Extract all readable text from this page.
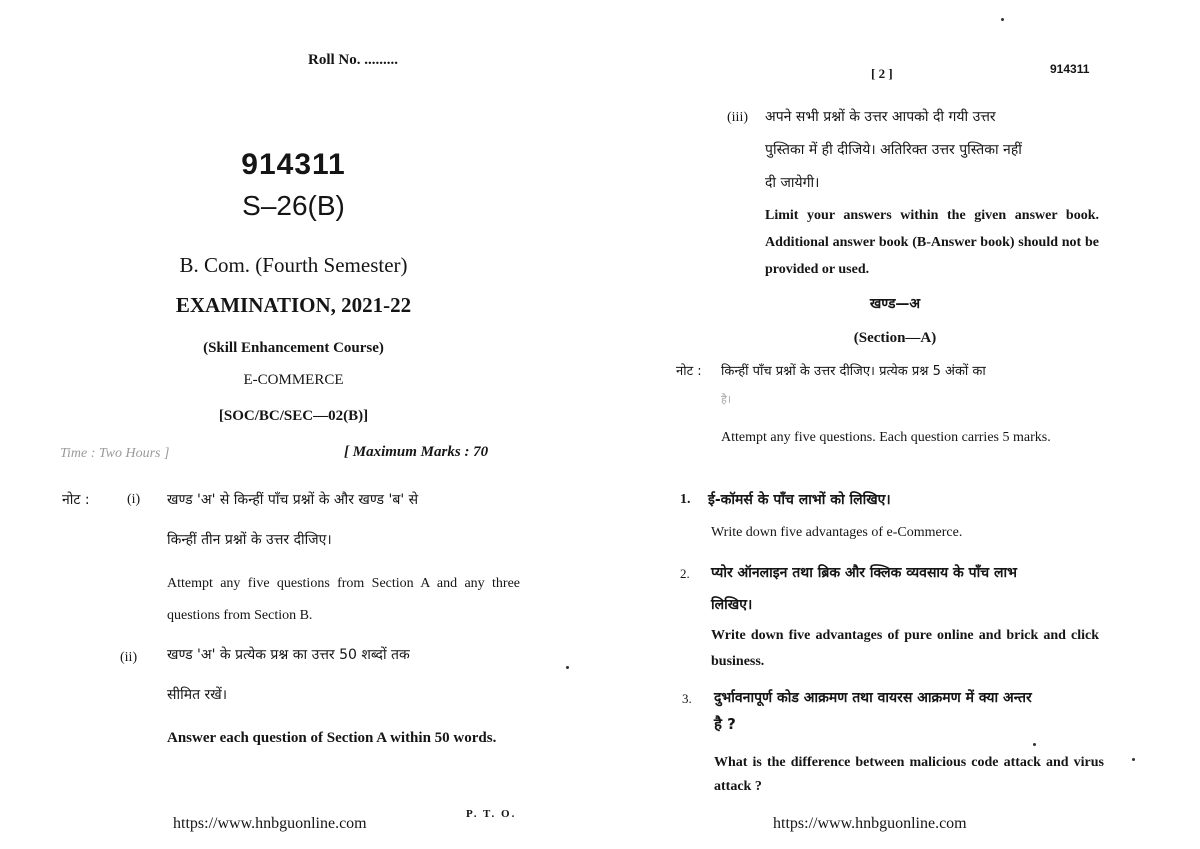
Roll No. .........
914311
S–26(B)
B. Com. (Fourth Semester)
EXAMINATION, 2021-22
(Skill Enhancement Course)
E-COMMERCE
[SOC/BC/SEC—02(B)]
Time : Two Hours ]	[ Maximum Marks : 70
नोट :	(i) खण्ड 'अ' से किन्हीं पाँच प्रश्नों के और खण्ड 'ब' से
किन्हीं तीन प्रश्नों के उत्तर दीजिए।
Attempt any five questions from Section A and any three questions from Section B.
(ii) खण्ड 'अ' के प्रत्येक प्रश्न का उत्तर 50 शब्दों तक
सीमित रखें।
Answer each question of Section A within 50 words.
https://www.hnbguonline.com
P. T. O.
[ 2 ]	914311
(iii) अपने सभी प्रश्नों के उत्तर आपको दी गयी उत्तर
पुस्तिका में ही दीजिये। अतिरिक्त उत्तर पुस्तिका नहीं
दी जायेगी।
Limit your answers within the given answer book. Additional answer book (B-Answer book) should not be provided or used.
खण्ड—अ
(Section—A)
नोट : किन्हीं पाँच प्रश्नों के उत्तर दीजिए। प्रत्येक प्रश्न 5 अंकों का
है।
Attempt any five questions. Each question carries 5 marks.
1. ई-कॉमर्स के पाँच लाभों को लिखिए।
Write down five advantages of e-Commerce.
2. प्योर ऑनलाइन तथा ब्रिक और क्लिक व्यवसाय के पाँच लाभ
लिखिए।
Write down five advantages of pure online and brick and click business.
3. दुर्भावनापूर्ण कोड आक्रमण तथा वायरस आक्रमण में क्या अन्तर
है ?
What is the difference between malicious code attack and virus attack ?
https://www.hnbguonline.com
